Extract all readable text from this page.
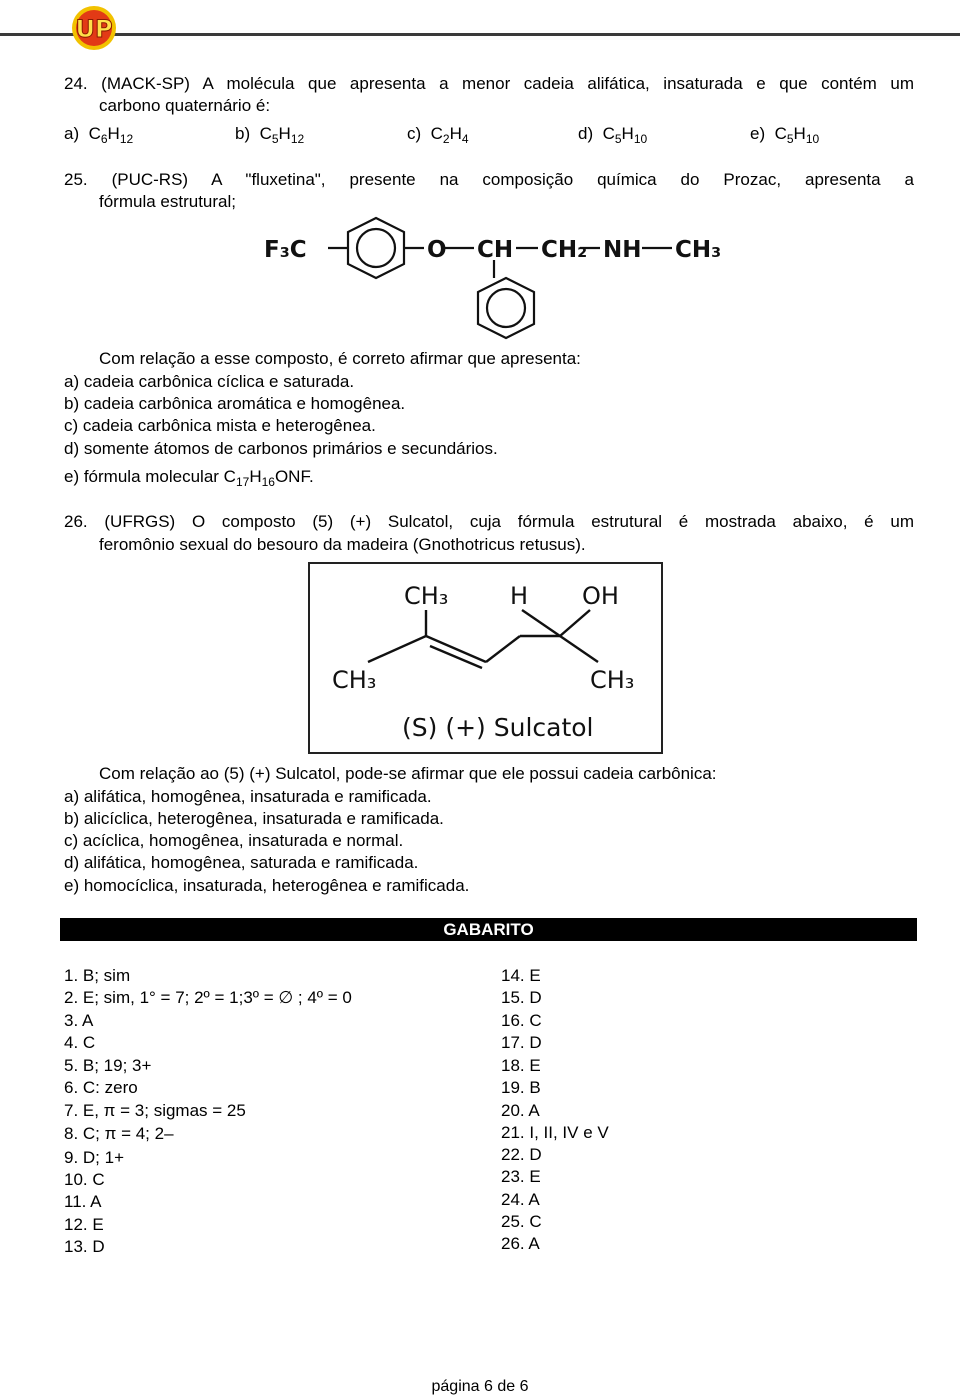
UP
24. (MACK-SP) A molécula que apresenta a menor cadeia alifática, insaturada e que contém um
carbono quaternário é:
a) $C_6H_{12}$	b) $C_5H_{12}$	c) $C_2H_4$	d) $C_5H_{10}$	e) $C_5H_{10}$
25. (PUC-RS) A "fluxetina", presente na composição química do Prozac, apresenta a
fórmula estrutural;
F₃C	O CH CH₂ NH CH₃
Com relação a esse composto, é correto afirmar que apresenta:
a) cadeia carbônica cíclica e saturada.
b) cadeia carbônica aromática e homogênea.
c) cadeia carbônica mista e heterogênea.
d) somente átomos de carbonos primários e secundários.
e) fórmula molecular $C_{17}H_{16}ONF$.
26. (UFRGS) O composto (5) (+) Sulcatol, cuja fórmula estrutural é mostrada abaixo, é um
feromônio sexual do besouro da madeira (Gnothotricus retusus).
CH₃	H OH
CH₃	CH₃
(S) (+) Sulcatol
Com relação ao (5) (+) Sulcatol, pode-se afirmar que ele possui cadeia carbônica:
a) alifática, homogênea, insaturada e ramificada.
b) alicíclica, heterogênea, insaturada e ramificada.
c) acíclica, homogênea, insaturada e normal.
d) alifática, homogênea, saturada e ramificada.
e) homocíclica, insaturada, heterogênea e ramificada.
GABARITO
1. B; sim
2. E; sim, 1° = 7; 2º = 1;3º = ∅ ; 4º = 0
3. A
4. C
5. B; 19; 3+
6. C: zero
7. E, π = 3; sigmas = 25
8. C; π = 4; 2–
9. D; 1+
10. C
11. A
12. E
13. D
14. E
15. D
16. C
17. D
18. E
19. B
20. A
21. I, II, IV e V
22. D
23. E
24. A
25. C
26. A
página 6 de 6
